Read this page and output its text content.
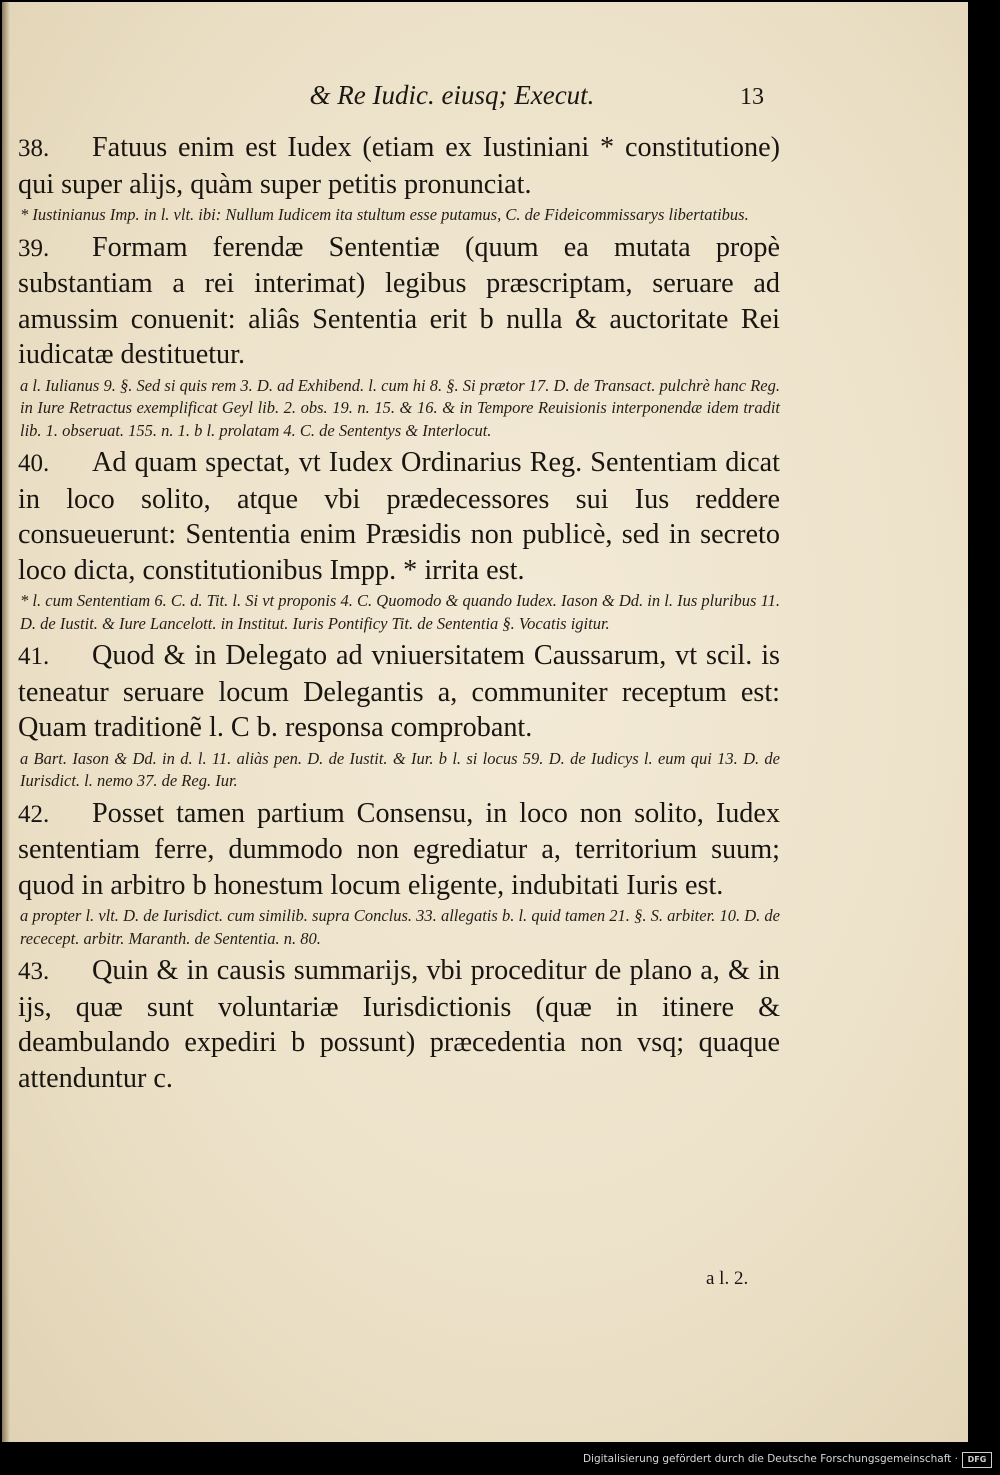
& Re Iudic. eiusq; Execut.	13

38. Fatuus enim est Iudex (etiam ex Iustiniani * constitutione) qui super alijs, quàm super petitis pronunciat.

* Iustinianus Imp. in l. vlt. ibi: Nullum Iudicem ita stultum esse putamus, C. de Fideicommissarys libertatibus.

39. Formam ferendæ Sententiæ (quum ea mutata propè substantiam a rei interimat) legibus præscriptam, seruare ad amussim conuenit: aliâs Sententia erit b nulla & auctoritate Rei iudicatæ destituetur.

a l. Iulianus 9. §. Sed si quis rem 3. D. ad Exhibend. l. cum hi 8. §. Si prætor 17. D. de Transact. pulchrè hanc Reg. in Iure Retractus exemplificat Geyl lib. 2. obs. 19. n. 15. & 16. & in Tempore Reuisionis interponendæ idem tradit lib. 1. obseruat. 155. n. 1. b l. prolatam 4. C. de Sententys & Interlocut.

40. Ad quam spectat, vt Iudex Ordinarius Reg. Sententiam dicat in loco solito, atque vbi prædecessores sui Ius reddere consueuerunt: Sententia enim Præsidis non publicè, sed in secreto loco dicta, constitutionibus Impp. * irrita est.

* l. cum Sententiam 6. C. d. Tit. l. Si vt proponis 4. C. Quomodo & quando Iudex. Iason & Dd. in l. Ius pluribus 11. D. de Iustit. & Iure Lancelott. in Institut. Iuris Pontificy Tit. de Sententia §. Vocatis igitur.

41. Quod & in Delegato ad vniuersitatem Caussarum, vt scil. is teneatur seruare locum Delegantis a, communiter receptum est: Quam traditionẽ l. C b. responsa comprobant.

a Bart. Iason & Dd. in d. l. 11. aliàs pen. D. de Iustit. & Iur. b l. si locus 59. D. de Iudicys l. eum qui 13. D. de Iurisdict. l. nemo 37. de Reg. Iur.

42. Posset tamen partium Consensu, in loco non solito, Iudex sententiam ferre, dummodo non egrediatur a, territorium suum; quod in arbitro b honestum locum eligente, indubitati Iuris est.

a propter l. vlt. D. de Iurisdict. cum similib. supra Conclus. 33. allegatis b. l. quid tamen 21. §. S. arbiter. 10. D. de rececept. arbitr. Maranth. de Sententia. n. 80.

43. Quin & in causis summarijs, vbi proceditur de plano a, & in ijs, quæ sunt voluntariæ Iurisdictionis (quæ in itinere & deambulando expediri b possunt) præcedentia non vsq; quaque attenduntur c.

a l. 2.
Digitalisierung gefördert durch die Deutsche Forschungsgemeinschaft ·	DFG
